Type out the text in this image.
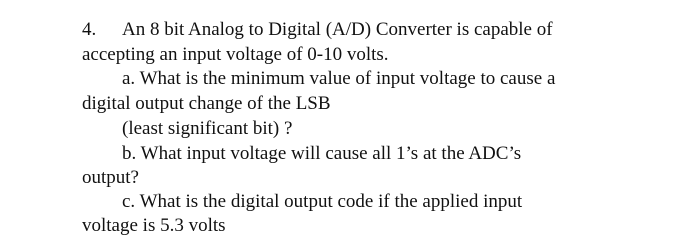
4. An 8 bit Analog to Digital (A/D) Converter is capable of
accepting an input voltage of 0-10 volts.
a. What is the minimum value of input voltage to cause a
digital output change of the LSB
(least significant bit) ?
b. What input voltage will cause all 1’s at the ADC’s
output?
c. What is the digital output code if the applied input
voltage is 5.3 volts
